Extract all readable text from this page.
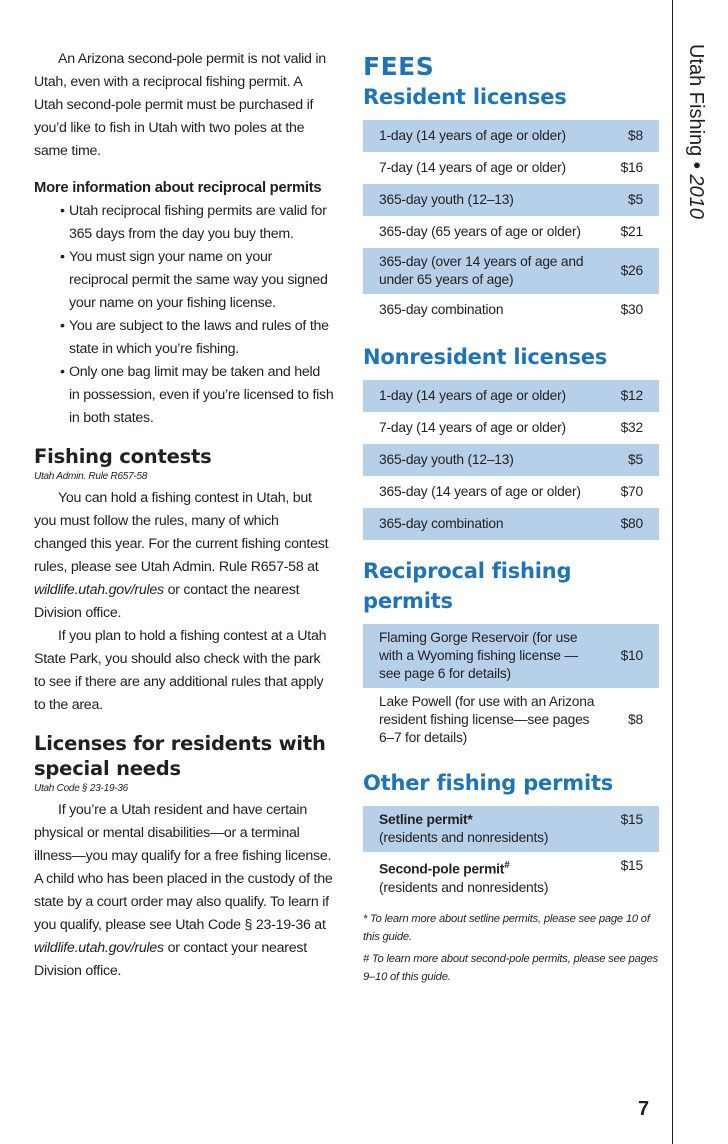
An Arizona second-pole permit is not valid in Utah, even with a reciprocal fishing permit. A Utah second-pole permit must be purchased if you’d like to fish in Utah with two poles at the same time.

More information about reciprocal permits

• Utah reciprocal fishing permits are valid for 365 days from the day you buy them.
• You must sign your name on your reciprocal permit the same way you signed your name on your fishing license.
• You are subject to the laws and rules of the state in which you’re fishing.
• Only one bag limit may be taken and held in possession, even if you’re licensed to fish in both states.
Fishing contests

Utah Admin. Rule R657-58

You can hold a fishing contest in Utah, but you must follow the rules, many of which changed this year. For the current fishing contest rules, please see Utah Admin. Rule R657-58 at wildlife.utah.gov/rules or contact the nearest Division office.

If you plan to hold a fishing contest at a Utah State Park, you should also check with the park to see if there are any additional rules that apply to the area.

Licenses for residents with special needs

Utah Code § 23-19-36

If you’re a Utah resident and have certain physical or mental disabilities—or a terminal illness—you may qualify for a free fishing license. A child who has been placed in the custody of the state by a court order may also qualify. To learn if you qualify, please see Utah Code § 23-19-36 at wildlife.utah.gov/rules or contact your nearest Division office.

FEES
Resident licenses
1-day (14 years of age or older)	$8
7-day (14 years of age or older)	$16
365-day youth (12–13)	$5
365-day (65 years of age or older)	$21
365-day (over 14 years of age and under 65 years of age)
$26
365-day combination	$30
Nonresident licenses
1-day (14 years of age or older)	$12
7-day (14 years of age or older)	$32
365-day youth (12–13)	$5
365-day (14 years of age or older)	$70
365-day combination	$80
Reciprocal fishing permits
Flaming Gorge Reservoir (for use with a Wyoming fishing license — see page 6 for details)
$10
Lake Powell (for use with an Arizona resident fishing license—see pages 6–7 for details)
$8
Other fishing permits
Setline permit*
(residents and nonresidents)
$15
Second-pole permit#
(residents and nonresidents)
$15

* To learn more about setline permits, please see page 10 of this guide.

# To learn more about second-pole permits, please see pages 9–10 of this guide.

Utah Fishing • 2010
7
